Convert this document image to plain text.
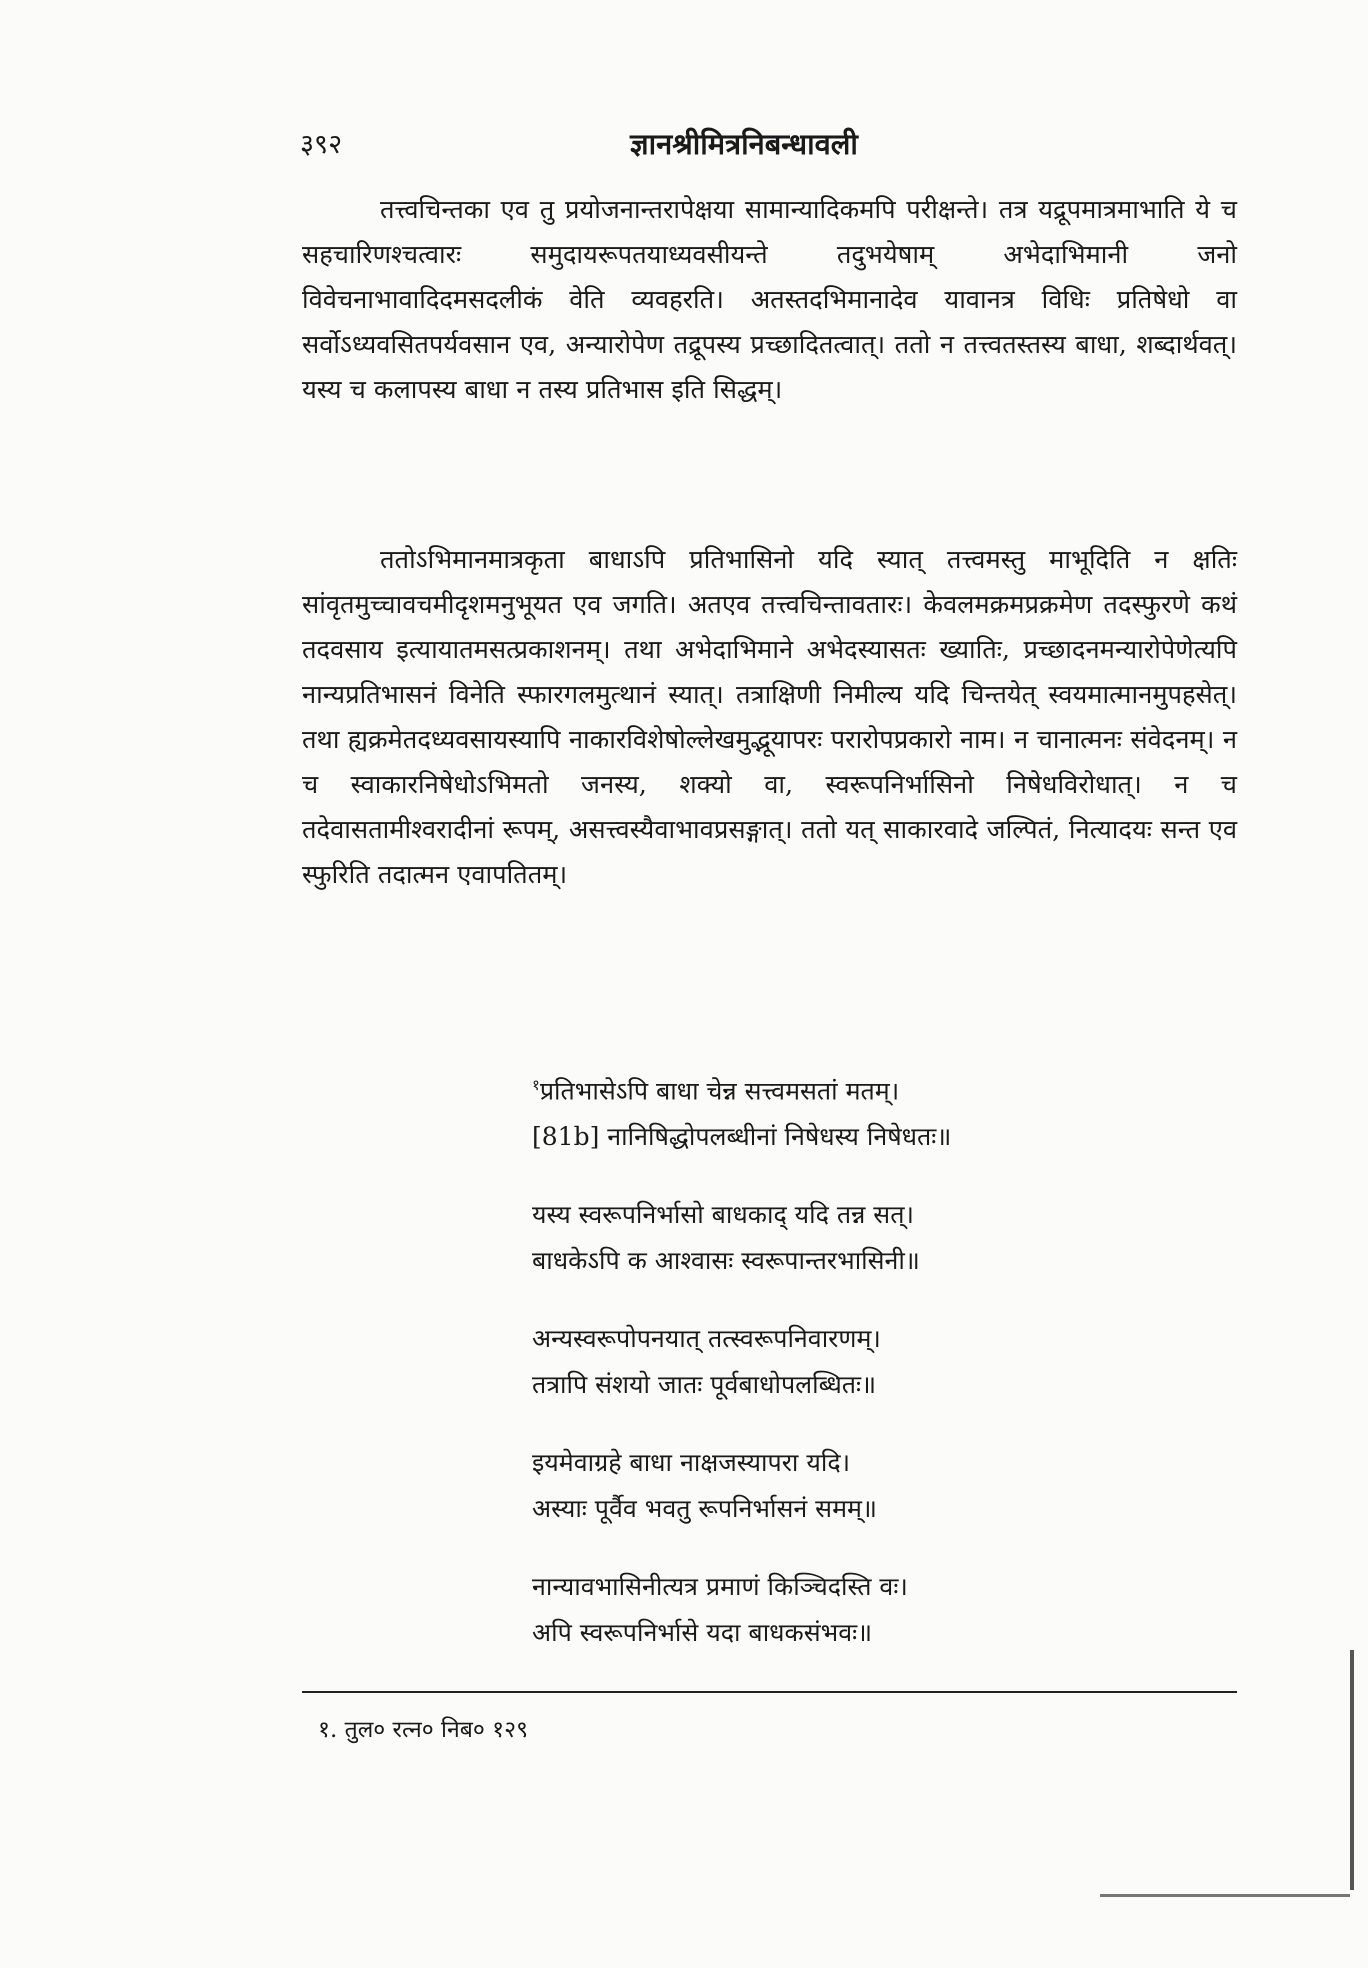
३९२	ज्ञानश्रीमित्रनिबन्धावली

तत्त्वचिन्तका एव तु प्रयोजनान्तरापेक्षया सामान्यादिकमपि परीक्षन्ते। तत्र यद्रूपमात्रमाभाति ये च सहचारिणश्चत्वारः समुदायरूपतयाध्यवसीयन्ते तदुभयेषाम् अभेदाभिमानी जनो विवेचनाभावादिदमसदलीकं वेति व्यवहरति। अतस्तदभिमानादेव यावानत्र विधिः प्रतिषेधो वा सर्वोऽध्यवसितपर्यवसान एव, अन्यारोपेण तद्रूपस्य प्रच्छादितत्वात्। ततो न तत्त्वतस्तस्य बाधा, शब्दार्थवत्। यस्य च कलापस्य बाधा न तस्य प्रतिभास इति सिद्धम्।

ततोऽभिमानमात्रकृता बाधाऽपि प्रतिभासिनो यदि स्यात् तत्त्वमस्तु माभूदिति न क्षतिः सांवृतमुच्चावचमीदृशमनुभूयत एव जगति। अतएव तत्त्वचिन्तावतारः। केवलमक्रमप्रक्रमेण तदस्फुरणे कथं तदवसाय इत्यायातमसत्प्रकाशनम्। तथा अभेदाभिमाने अभेदस्यासतः ख्यातिः, प्रच्छादनमन्यारोपेणेत्यपि नान्यप्रतिभासनं विनेति स्फारगलमुत्थानं स्यात्। तत्राक्षिणी निमील्य यदि चिन्तयेत् स्वयमात्मानमुपहसेत्। तथा ह्यक्रमेतदध्यवसायस्यापि नाकारविशेषोल्लेखमुद्भूयापरः परारोपप्रकारो नाम। न चानात्मनः संवेदनम्। न च स्वाकारनिषेधोऽभिमतो जनस्य, शक्यो वा, स्वरूपनिर्भासिनो निषेधविरोधात्। न च तदेवासतामीश्वरादीनां रूपम्, असत्त्वस्यैवाभावप्रसङ्गात्। ततो यत् साकारवादे जल्पितं, नित्यादयः सन्त एव स्फुरिति तदात्मन एवापतितम्।

$^१$प्रतिभासेऽपि बाधा चेन्न सत्त्वमसतां मतम्।
[81b] नानिषिद्धोपलब्धीनां निषेधस्य निषेधतः॥
यस्य स्वरूपनिर्भासो बाधकाद् यदि तन्न सत्।
बाधकेऽपि क आश्वासः स्वरूपान्तरभासिनी॥
अन्यस्वरूपोपनयात् तत्स्वरूपनिवारणम्।
तत्रापि संशयो जातः पूर्वबाधोपलब्धितः॥
इयमेवाग्रहे बाधा नाक्षजस्यापरा यदि।
अस्याः पूर्वैव भवतु रूपनिर्भासनं समम्॥
नान्यावभासिनीत्यत्र प्रमाणं किञ्चिदस्ति वः।
अपि स्वरूपनिर्भासे यदा बाधकसंभवः॥
१. तुल० रत्न० निब० १२९
